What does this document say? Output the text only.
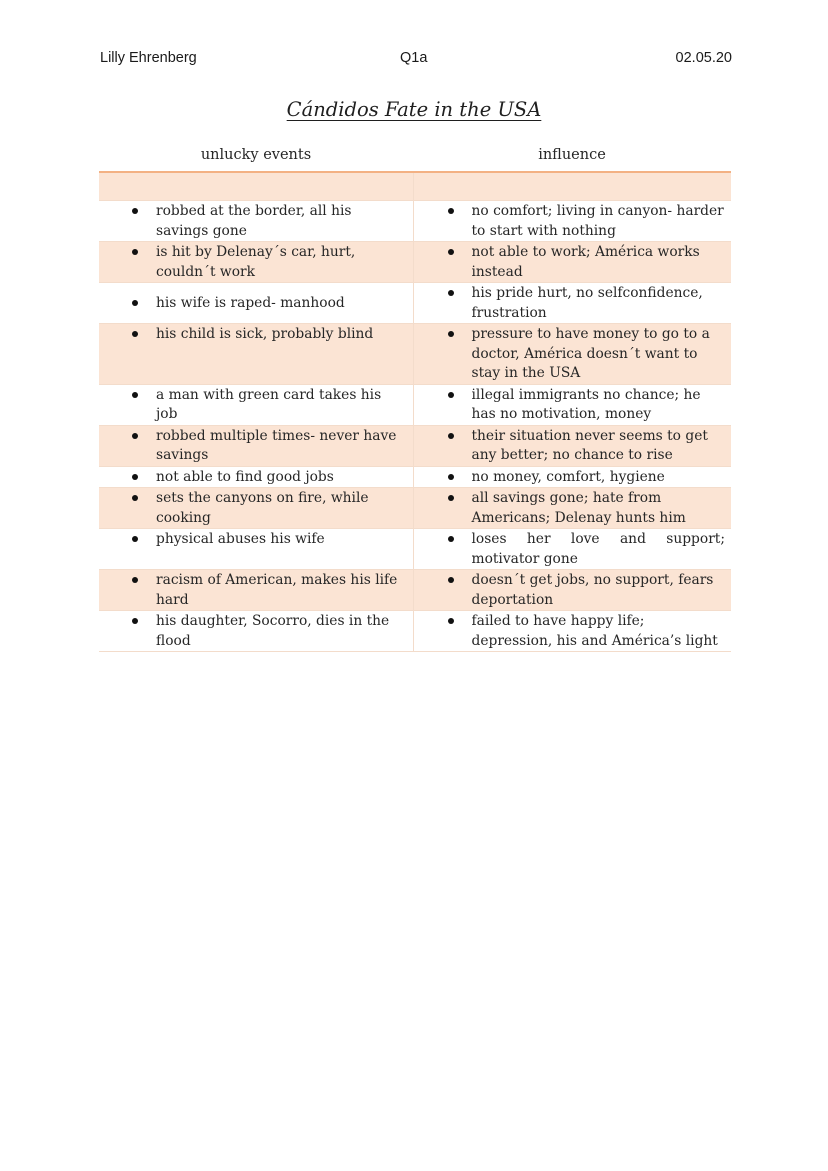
Lilly Ehrenberg	Q1a	02.05.20
Cándidos Fate in the USA
unlucky events	influence

robbed at the border, all his savings gone	no comfort; living in canyon- harder to start with nothing

is hit by Delenay´s car, hurt, couldn´t work	not able to work; América works instead

his wife is raped- manhood	his pride hurt, no selfconfidence, frustration

his child is sick, probably blind	pressure to have money to go to a doctor, América doesn´t want to stay in the USA

a man with green card takes his job	illegal immigrants no chance; he has no motivation, money

robbed multiple times- never have savings	their situation never seems to get any better; no chance to rise

not able to find good jobs	no money, comfort, hygiene

sets the canyons on fire, while cooking	all savings gone; hate from Americans; Delenay hunts him

physical abuses his wife	loses her love and support; motivator gone

racism of American, makes his life hard	doesn´t get jobs, no support, fears deportation

his daughter, Socorro, dies in the flood	failed to have happy life; depression, his and América’s light
